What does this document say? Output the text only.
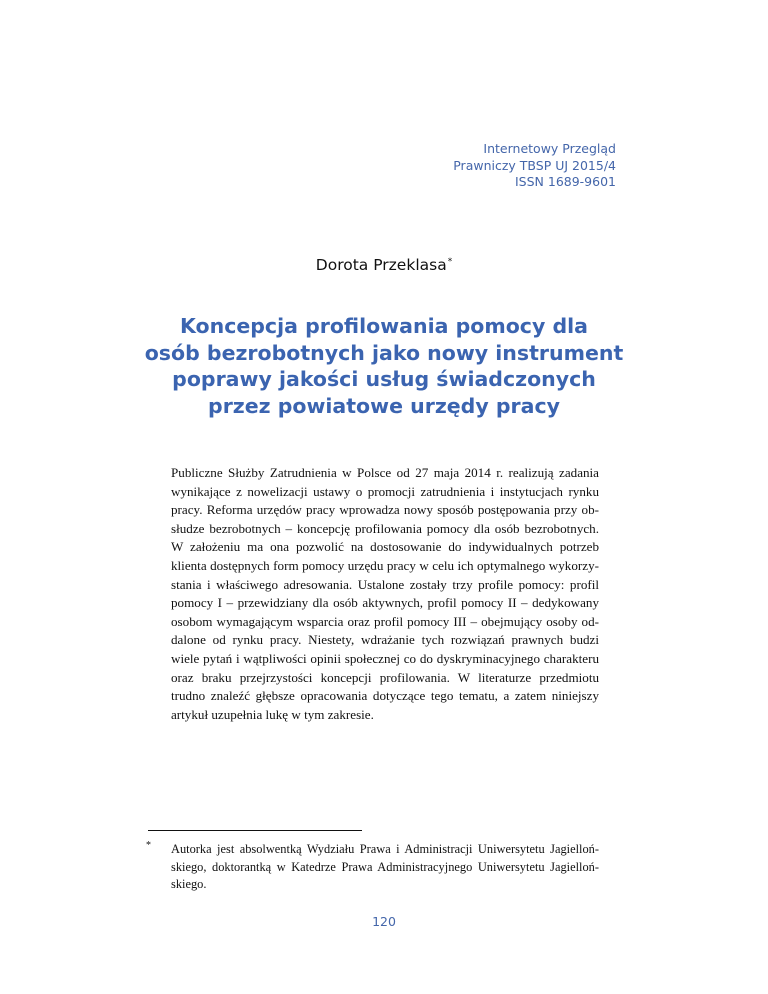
Internetowy Przegląd
Prawniczy TBSP UJ 2015/4
ISSN 1689-9601
Dorota Przeklasa*
Koncepcja profilowania pomocy dla
osób bezrobotnych jako nowy instrument
poprawy jakości usług świadczonych
przez powiatowe urzędy pracy
Publiczne Służby Zatrudnienia w Polsce od 27 maja 2014 r. realizują zadania
wynikające z nowelizacji ustawy o promocji zatrudnienia i instytucjach rynku
pracy. Reforma urzędów pracy wprowadza nowy sposób postępowania przy ob-
słudze bezrobotnych – koncepcję profilowania pomocy dla osób bezrobotnych.
W założeniu ma ona pozwolić na dostosowanie do indywidualnych potrzeb
klienta dostępnych form pomocy urzędu pracy w celu ich optymalnego wykorzy-
stania i właściwego adresowania. Ustalone zostały trzy profile pomocy: profil
pomocy I – przewidziany dla osób aktywnych, profil pomocy II – dedykowany
osobom wymagającym wsparcia oraz profil pomocy III – obejmujący osoby od-
dalone od rynku pracy. Niestety, wdrażanie tych rozwiązań prawnych budzi
wiele pytań i wątpliwości opinii społecznej co do dyskryminacyjnego charakteru
oraz braku przejrzystości koncepcji profilowania. W literaturze przedmiotu
trudno znaleźć głębsze opracowania dotyczące tego tematu, a zatem niniejszy
artykuł uzupełnia lukę w tym zakresie.
* Autorka jest absolwentką Wydziału Prawa i Administracji Uniwersytetu Jagielloń-
skiego, doktorantką w Katedrze Prawa Administracyjnego Uniwersytetu Jagielloń-
skiego.
120
